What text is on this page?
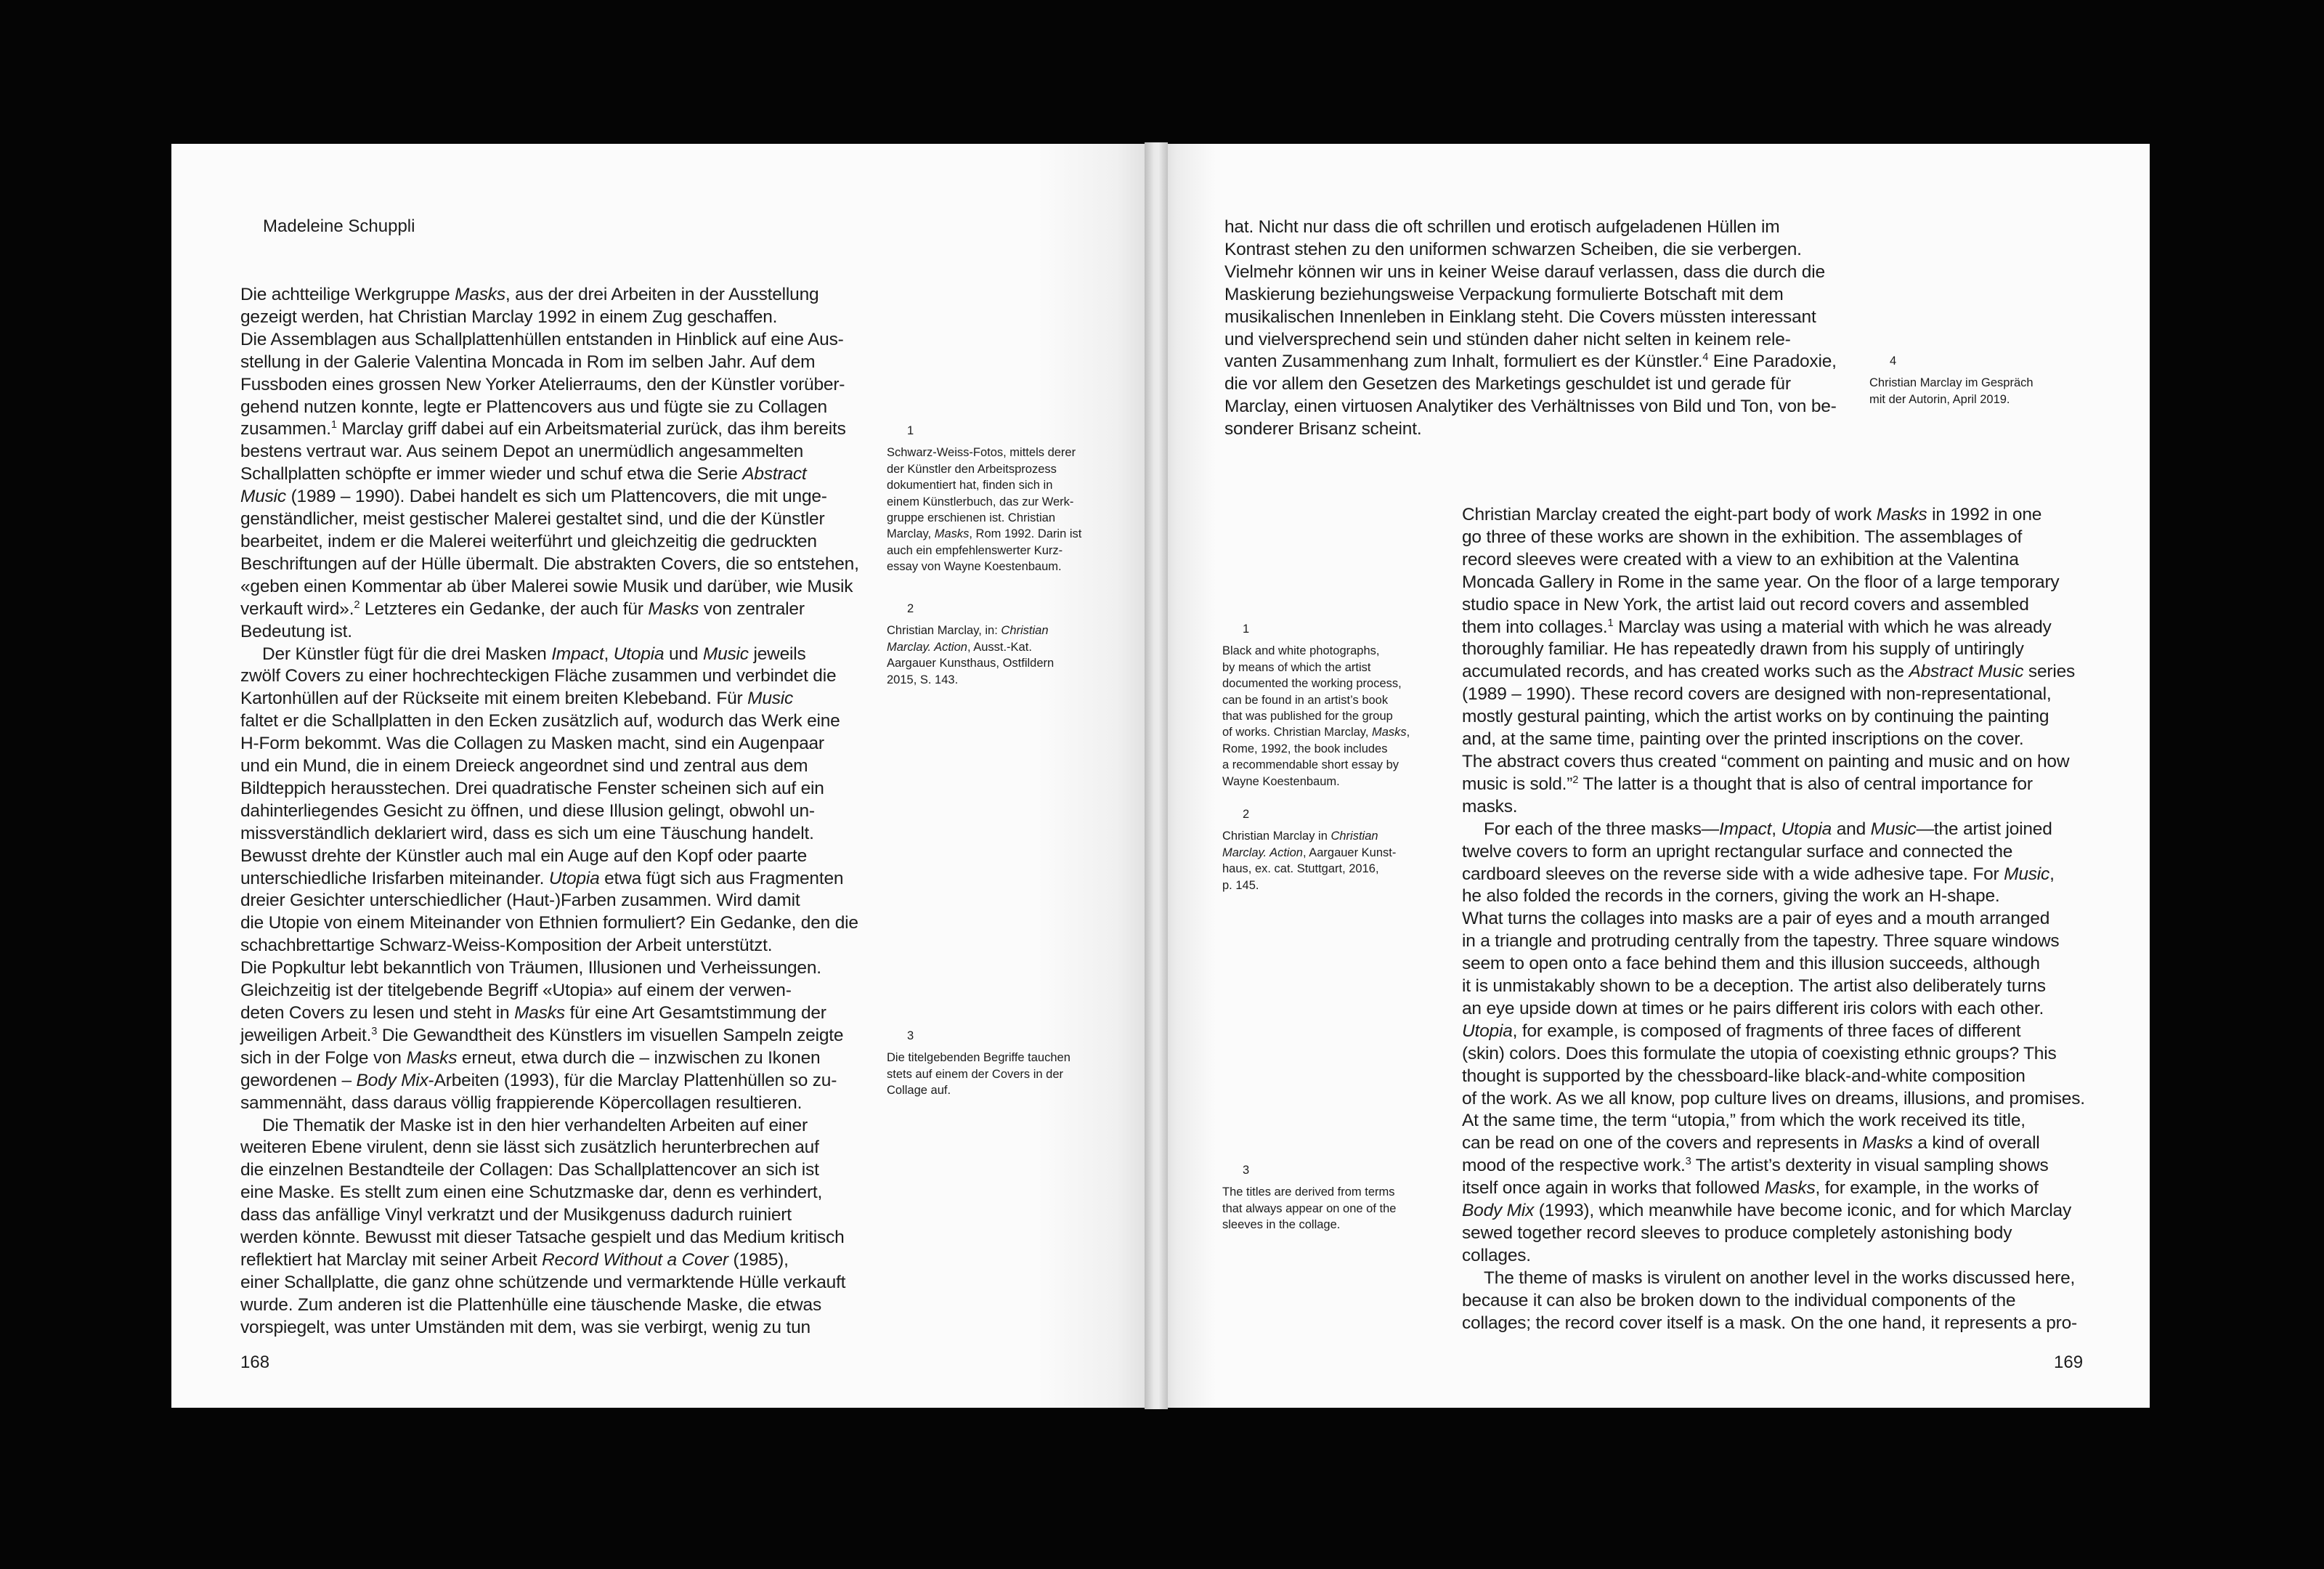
Madeleine Schuppli
Die achtteilige Werkgruppe Masks, aus der drei Arbeiten in der Ausstellung
gezeigt werden, hat Christian Marclay 1992 in einem Zug geschaffen.
Die Assemblagen aus Schallplattenhüllen entstanden in Hinblick auf eine Aus-
stellung in der Galerie Valentina Moncada in Rom im selben Jahr. Auf dem
Fussboden eines grossen New Yorker Atelierraums, den der Künstler vorüber-
gehend nutzen konnte, legte er Plattencovers aus und fügte sie zu Collagen
zusammen.$^1$ Marclay griff dabei auf ein Arbeitsmaterial zurück, das ihm bereits
bestens vertraut war. Aus seinem Depot an unermüdlich angesammelten
Schallplatten schöpfte er immer wieder und schuf etwa die Serie Abstract
Music (1989 – 1990). Dabei handelt es sich um Plattencovers, die mit unge-
genständlicher, meist gestischer Malerei gestaltet sind, und die der Künstler
bearbeitet, indem er die Malerei weiterführt und gleichzeitig die gedruckten
Beschriftungen auf der Hülle übermalt. Die abstrakten Covers, die so entstehen,
«geben einen Kommentar ab über Malerei sowie Musik und darüber, wie Musik
verkauft wird».$^2$ Letzteres ein Gedanke, der auch für Masks von zentraler
Bedeutung ist.
Der Künstler fügt für die drei Masken Impact, Utopia und Music jeweils
zwölf Covers zu einer hochrechteckigen Fläche zusammen und verbindet die
Kartonhüllen auf der Rückseite mit einem breiten Klebeband. Für Music
faltet er die Schallplatten in den Ecken zusätzlich auf, wodurch das Werk eine
H-Form bekommt. Was die Collagen zu Masken macht, sind ein Augenpaar
und ein Mund, die in einem Dreieck angeordnet sind und zentral aus dem
Bildteppich herausstechen. Drei quadratische Fenster scheinen sich auf ein
dahinterliegendes Gesicht zu öffnen, und diese Illusion gelingt, obwohl un-
missverständlich deklariert wird, dass es sich um eine Täuschung handelt.
Bewusst drehte der Künstler auch mal ein Auge auf den Kopf oder paarte
unterschiedliche Irisfarben miteinander. Utopia etwa fügt sich aus Fragmenten
dreier Gesichter unterschiedlicher (Haut-)Farben zusammen. Wird damit
die Utopie von einem Miteinander von Ethnien formuliert? Ein Gedanke, den die
schachbrettartige Schwarz-Weiss-Komposition der Arbeit unterstützt.
Die Popkultur lebt bekanntlich von Träumen, Illusionen und Verheissungen.
Gleichzeitig ist der titelgebende Begriff «Utopia» auf einem der verwen-
deten Covers zu lesen und steht in Masks für eine Art Gesamtstimmung der
jeweiligen Arbeit.$^3$ Die Gewandtheit des Künstlers im visuellen Sampeln zeigte
sich in der Folge von Masks erneut, etwa durch die – inzwischen zu Ikonen
gewordenen – Body Mix-Arbeiten (1993), für die Marclay Plattenhüllen so zu-
sammennäht, dass daraus völlig frappierende Köpercollagen resultieren.
Die Thematik der Maske ist in den hier verhandelten Arbeiten auf einer
weiteren Ebene virulent, denn sie lässt sich zusätzlich herunterbrechen auf
die einzelnen Bestandteile der Collagen: Das Schallplattencover an sich ist
eine Maske. Es stellt zum einen eine Schutzmaske dar, denn es verhindert,
dass das anfällige Vinyl verkratzt und der Musikgenuss dadurch ruiniert
werden könnte. Bewusst mit dieser Tatsache gespielt und das Medium kritisch
reflektiert hat Marclay mit seiner Arbeit Record Without a Cover (1985),
einer Schallplatte, die ganz ohne schützende und vermarktende Hülle verkauft
wurde. Zum anderen ist die Plattenhülle eine täuschende Maske, die etwas
vorspiegelt, was unter Umständen mit dem, was sie verbirgt, wenig zu tun
1
Schwarz-Weiss-Fotos, mittels derer
der Künstler den Arbeitsprozess
dokumentiert hat, finden sich in
einem Künstlerbuch, das zur Werk-
gruppe erschienen ist. Christian
Marclay, Masks, Rom 1992. Darin ist
auch ein empfehlenswerter Kurz-
essay von Wayne Koestenbaum.
2
Christian Marclay, in: Christian
Marclay. Action, Ausst.-Kat.
Aargauer Kunsthaus, Ostfildern
2015, S. 143.
3
Die titelgebenden Begriffe tauchen
stets auf einem der Covers in der
Collage auf.
168
hat. Nicht nur dass die oft schrillen und erotisch aufgeladenen Hüllen im
Kontrast stehen zu den uniformen schwarzen Scheiben, die sie verbergen.
Vielmehr können wir uns in keiner Weise darauf verlassen, dass die durch die
Maskierung beziehungsweise Verpackung formulierte Botschaft mit dem
musikalischen Innenleben in Einklang steht. Die Covers müssten interessant
und vielversprechend sein und stünden daher nicht selten in keinem rele-
vanten Zusammenhang zum Inhalt, formuliert es der Künstler.$^4$ Eine Paradoxie,
die vor allem den Gesetzen des Marketings geschuldet ist und gerade für
Marclay, einen virtuosen Analytiker des Verhältnisses von Bild und Ton, von be-
sonderer Brisanz scheint.
4
Christian Marclay im Gespräch
mit der Autorin, April 2019.
Christian Marclay created the eight-part body of work Masks in 1992 in one
go three of these works are shown in the exhibition. The assemblages of
record sleeves were created with a view to an exhibition at the Valentina
Moncada Gallery in Rome in the same year. On the floor of a large temporary
studio space in New York, the artist laid out record covers and assembled
them into collages.$^1$ Marclay was using a material with which he was already
thoroughly familiar. He has repeatedly drawn from his supply of untiringly
accumulated records, and has created works such as the Abstract Music series
(1989 – 1990). These record covers are designed with non-representational,
mostly gestural painting, which the artist works on by continuing the painting
and, at the same time, painting over the printed inscriptions on the cover.
The abstract covers thus created “comment on painting and music and on how
music is sold.”$^2$ The latter is a thought that is also of central importance for
masks.
For each of the three masks—Impact, Utopia and Music—the artist joined
twelve covers to form an upright rectangular surface and connected the
cardboard sleeves on the reverse side with a wide adhesive tape. For Music,
he also folded the records in the corners, giving the work an H-shape.
What turns the collages into masks are a pair of eyes and a mouth arranged
in a triangle and protruding centrally from the tapestry. Three square windows
seem to open onto a face behind them and this illusion succeeds, although
it is unmistakably shown to be a deception. The artist also deliberately turns
an eye upside down at times or he pairs different iris colors with each other.
Utopia, for example, is composed of fragments of three faces of different
(skin) colors. Does this formulate the utopia of coexisting ethnic groups? This
thought is supported by the chessboard-like black-and-white composition
of the work. As we all know, pop culture lives on dreams, illusions, and promises.
At the same time, the term “utopia,” from which the work received its title,
can be read on one of the covers and represents in Masks a kind of overall
mood of the respective work.$^3$ The artist’s dexterity in visual sampling shows
itself once again in works that followed Masks, for example, in the works of
Body Mix (1993), which meanwhile have become iconic, and for which Marclay
sewed together record sleeves to produce completely astonishing body
collages.
The theme of masks is virulent on another level in the works discussed here,
because it can also be broken down to the individual components of the
collages; the record cover itself is a mask. On the one hand, it represents a pro-
1
Black and white photographs,
by means of which the artist
documented the working process,
can be found in an artist’s book
that was published for the group
of works. Christian Marclay, Masks,
Rome, 1992, the book includes
a recommendable short essay by
Wayne Koestenbaum.
2
Christian Marclay in Christian
Marclay. Action, Aargauer Kunst-
haus, ex. cat. Stuttgart, 2016,
p. 145.
3
The titles are derived from terms
that always appear on one of the
sleeves in the collage.
169
